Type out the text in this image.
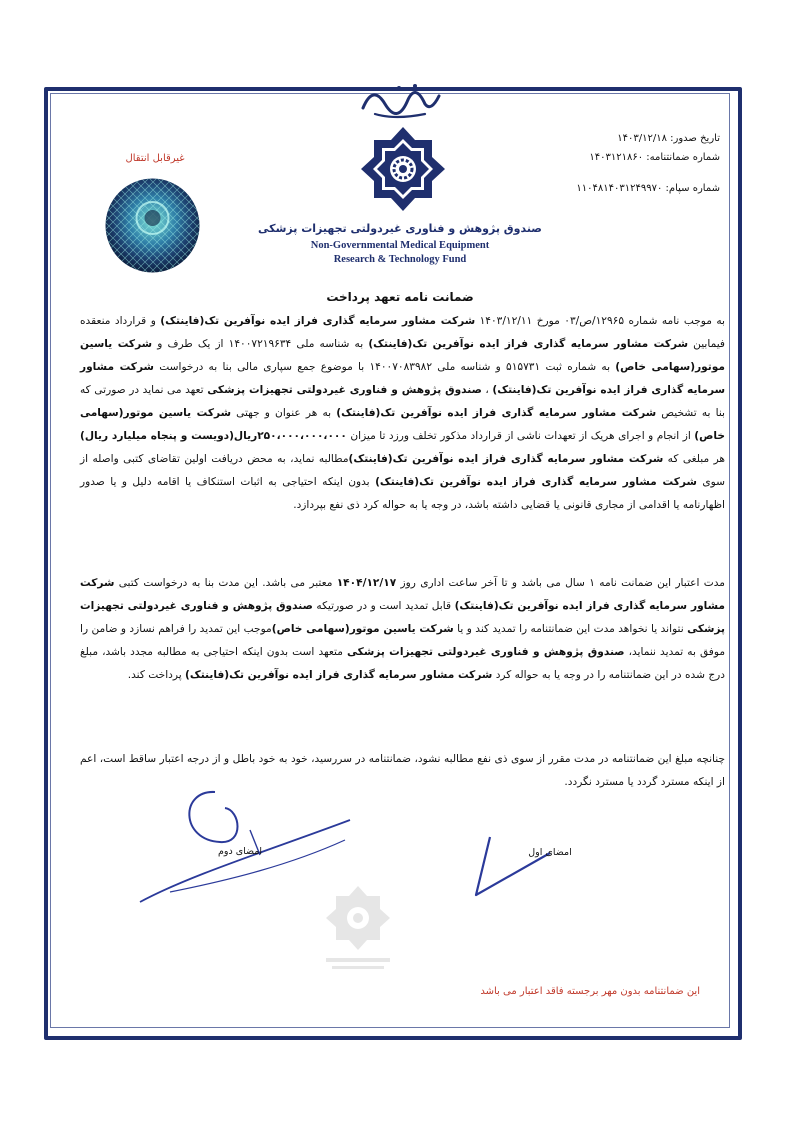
بسمه تعالی
صندوق پژوهش و فناوری غیردولتی تجهیزات پزشکی
Non-Governmental Medical Equipment
Research & Technology Fund
تاریخ صدور: ۱۴۰۳/۱۲/۱۸
شماره ضمانتنامه: ۱۴۰۳۱۲۱۸۶۰
شماره سپام: ۱۱۰۴۸۱۴۰۳۱۲۴۹۹۷۰
غیرقابل انتقال
ضمانت نامه تعهد پرداخت
به موجب نامه شماره ۱۲۹۶۵/ص/۰۳ مورخ ۱۴۰۳/۱۲/۱۱ شرکت مشاور سرمایه گذاری فراز ایده نوآفرین تک(فاینتک) و قرارداد منعقده فیمابین شرکت مشاور سرمایه گذاری فراز ایده نوآفرین تک(فاینتک) به شناسه ملی ۱۴۰۰۷۲۱۹۶۳۴ از یک طرف و شرکت یاسین موتور(سهامی خاص) به شماره ثبت ۵۱۵۷۳۱ و شناسه ملی ۱۴۰۰۷۰۸۳۹۸۲ با موضوع جمع سپاری مالی بنا به درخواست شرکت مشاور سرمایه گذاری فراز ایده نوآفرین تک(فاینتک) ، صندوق پژوهش و فناوری غیردولتی تجهیزات پزشکی تعهد می نماید در صورتی که بنا به تشخیص شرکت مشاور سرمایه گذاری فراز ایده نوآفرین تک(فاینتک) به هر عنوان و جهتی شرکت یاسین موتور(سهامی خاص) از انجام و اجرای هریک از تعهدات ناشی از قرارداد مذکور تخلف ورزد تا میزان ۲۵۰،۰۰۰،۰۰۰،۰۰۰ریال(دویست و پنجاه میلیارد ریال) هر مبلغی که شرکت مشاور سرمایه گذاری فراز ایده نوآفرین تک(فاینتک)مطالبه نماید، به محض دریافت اولین تقاضای کتبی واصله از سوی شرکت مشاور سرمایه گذاری فراز ایده نوآفرین تک(فاینتک) بدون اینکه احتیاجی به اثبات استنکاف یا اقامه دلیل و یا صدور اظهارنامه یا اقدامی از مجاری قانونی یا قضایی داشته باشد، در وجه یا به حواله کرد ذی نفع بپردازد.
مدت اعتبار این ضمانت نامه ۱ سال می باشد و تا آخر ساعت اداری روز ۱۴۰۴/۱۲/۱۷ معتبر می باشد. این مدت بنا به درخواست کتبی شرکت مشاور سرمایه گذاری فراز ایده نوآفرین تک(فاینتک) قابل تمدید است و در صورتیکه صندوق پژوهش و فناوری غیردولتی تجهیزات پزشکی نتواند یا نخواهد مدت این ضمانتنامه را تمدید کند و یا شرکت یاسین موتور(سهامی خاص)موجب این تمدید را فراهم نسازد و ضامن را موفق به تمدید ننماید، صندوق پژوهش و فناوری غیردولتی تجهیزات پزشکی متعهد است بدون اینکه احتیاجی به مطالبه مجدد باشد، مبلغ درج شده در این ضمانتنامه را در وجه یا به حواله کرد شرکت مشاور سرمایه گذاری فراز ایده نوآفرین تک(فاینتک) پرداخت کند.
چنانچه مبلغ این ضمانتنامه در مدت مقرر از سوی ذی نفع مطالبه نشود، ضمانتنامه در سررسید، خود به خود باطل و از درجه اعتبار ساقط است، اعم از اینکه مسترد گردد یا مسترد نگردد.
امضای دوم	امضای اول
این ضمانتنامه بدون مهر برجسته فاقد اعتبار می باشد
